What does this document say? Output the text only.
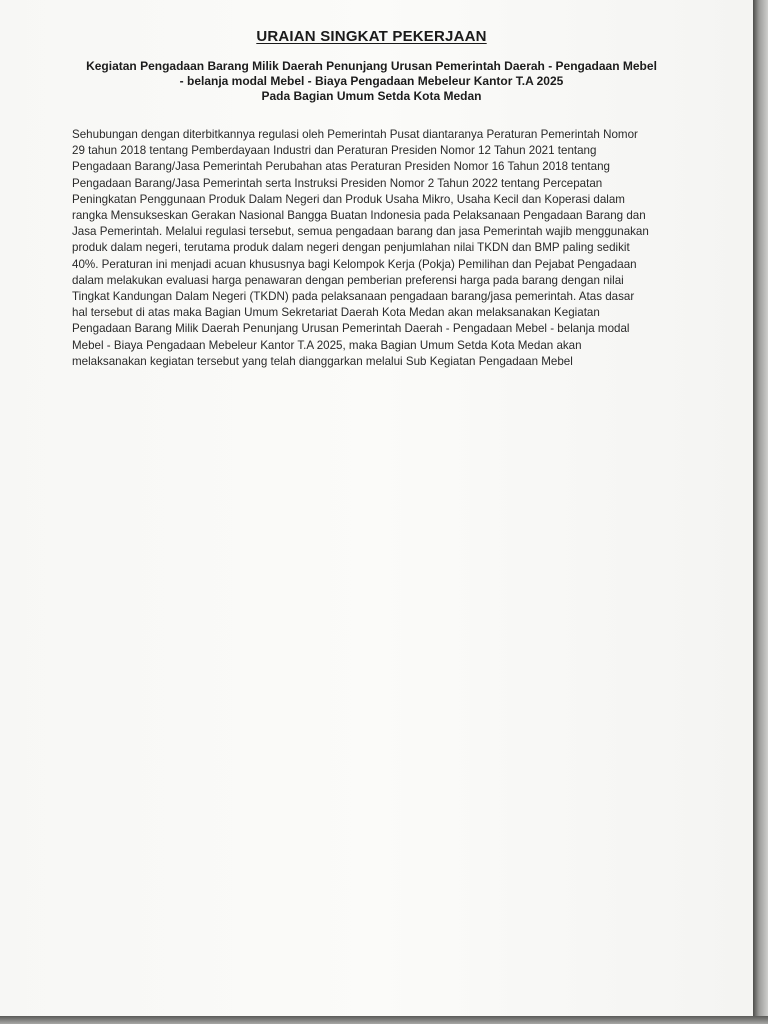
URAIAN SINGKAT PEKERJAAN
Kegiatan Pengadaan Barang Milik Daerah Penunjang Urusan Pemerintah Daerah - Pengadaan Mebel
- belanja modal Mebel - Biaya Pengadaan Mebeleur Kantor T.A 2025
Pada Bagian Umum Setda Kota Medan
Sehubungan dengan diterbitkannya regulasi oleh Pemerintah Pusat diantaranya Peraturan Pemerintah Nomor
29 tahun 2018 tentang Pemberdayaan Industri dan Peraturan Presiden Nomor 12 Tahun 2021 tentang
Pengadaan Barang/Jasa Pemerintah Perubahan atas Peraturan Presiden Nomor 16 Tahun 2018 tentang
Pengadaan Barang/Jasa Pemerintah serta Instruksi Presiden Nomor 2 Tahun 2022 tentang Percepatan
Peningkatan Penggunaan Produk Dalam Negeri dan Produk Usaha Mikro, Usaha Kecil dan Koperasi dalam
rangka Mensukseskan Gerakan Nasional Bangga Buatan Indonesia pada Pelaksanaan Pengadaan Barang dan
Jasa Pemerintah. Melalui regulasi tersebut, semua pengadaan barang dan jasa Pemerintah wajib menggunakan
produk dalam negeri, terutama produk dalam negeri dengan penjumlahan nilai TKDN dan BMP paling sedikit
40%. Peraturan ini menjadi acuan khususnya bagi Kelompok Kerja (Pokja) Pemilihan dan Pejabat Pengadaan
dalam melakukan evaluasi harga penawaran dengan pemberian preferensi harga pada barang dengan nilai
Tingkat Kandungan Dalam Negeri (TKDN) pada pelaksanaan pengadaan barang/jasa pemerintah. Atas dasar
hal tersebut di atas maka Bagian Umum Sekretariat Daerah Kota Medan akan melaksanakan Kegiatan
Pengadaan Barang Milik Daerah Penunjang Urusan Pemerintah Daerah - Pengadaan Mebel - belanja modal
Mebel - Biaya Pengadaan Mebeleur Kantor T.A 2025, maka Bagian Umum Setda Kota Medan akan
melaksanakan kegiatan tersebut yang telah dianggarkan melalui Sub Kegiatan Pengadaan Mebel
